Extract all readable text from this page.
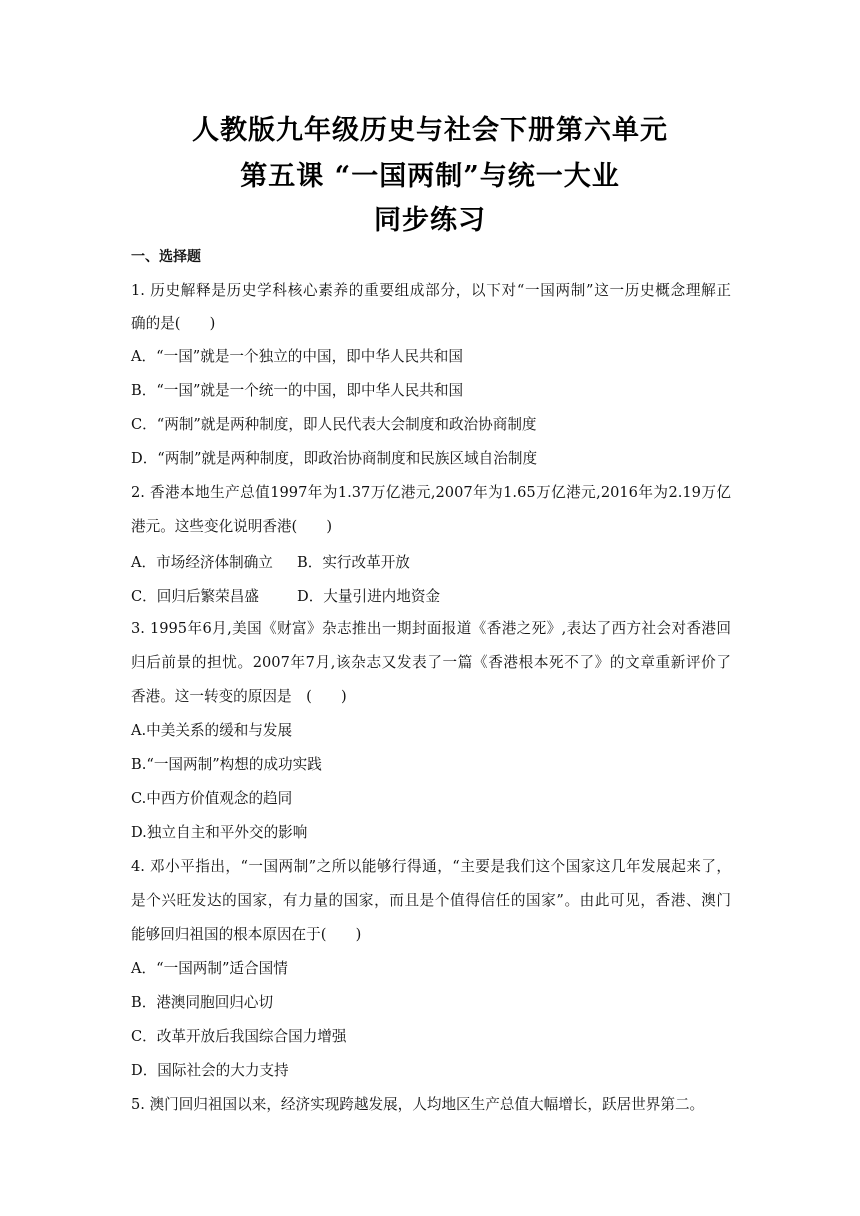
人教版九年级历史与社会下册第六单元
第五课 “一国两制”与统一大业
同步练习
一、选择题
1. 历史解释是历史学科核心素养的重要组成部分，以下对“一国两制”这一历史概念理解正
确的是(　　)
A．“一国”就是一个独立的中国，即中华人民共和国
B．“一国”就是一个统一的中国，即中华人民共和国
C．“两制”就是两种制度，即人民代表大会制度和政治协商制度
D．“两制”就是两种制度，即政治协商制度和民族区域自治制度
2. 香港本地生产总值1997年为1.37万亿港元,2007年为1.65万亿港元,2016年为2.19万亿
港元。这些变化说明香港(　　)
A．市场经济体制确立 B．实行改革开放
C．回归后繁荣昌盛	D．大量引进内地资金
3. 1995年6月,美国《财富》杂志推出一期封面报道《香港之死》,表达了西方社会对香港回
归后前景的担忧。2007年7月,该杂志又发表了一篇《香港根本死不了》的文章重新评价了
香港。这一转变的原因是　(　　)
A.中美关系的缓和与发展
B.“一国两制”构想的成功实践
C.中西方价值观念的趋同
D.独立自主和平外交的影响
4. 邓小平指出，“一国两制”之所以能够行得通，“主要是我们这个国家这几年发展起来了，
是个兴旺发达的国家，有力量的国家，而且是个值得信任的国家”。由此可见，香港、澳门
能够回归祖国的根本原因在于(　　)
A．“一国两制”适合国情
B．港澳同胞回归心切
C．改革开放后我国综合国力增强
D．国际社会的大力支持
5. 澳门回归祖国以来，经济实现跨越发展，人均地区生产总值大幅增长，跃居世界第二。
